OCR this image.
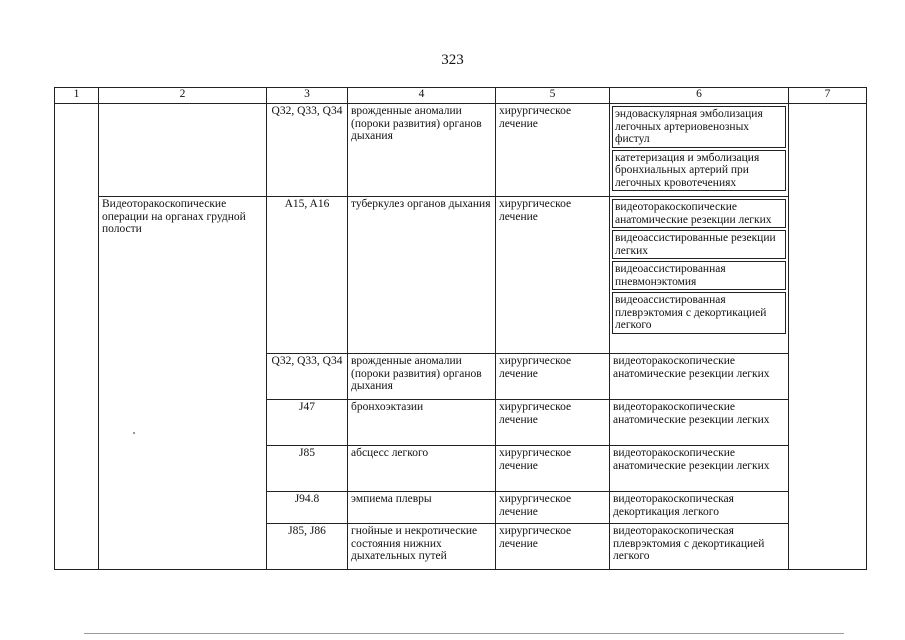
323
1	2	3	4	5	6	7
		Q32, Q33, Q34	врожденные аномалии (пороки развития) органов дыхания	хирургическое лечение	эндоваскулярная эмболизация легочных артериовенозных фистул
катетеризация и эмболизация бронхиальных артерий при легочных кровотечениях	

	Видеоторакоскопические операции на органах грудной полости	A15, A16	туберкулез органов дыхания	хирургическое лечение	видеоторакоскопические анатомические резекции легких
видеоассистированные резекции легких
видеоассистированная пневмонэктомия
видеоассистированная плеврэктомия с декортикацией легкого	

		Q32, Q33, Q34	врожденные аномалии (пороки развития) органов дыхания	хирургическое лечение	видеоторакоскопические анатомические резекции легких	
		J47	бронхоэктазии	хирургическое лечение	видеоторакоскопические анатомические резекции легких	
		J85	абсцесс легкого	хирургическое лечение	видеоторакоскопические анатомические резекции легких	
		J94.8	эмпиема плевры	хирургическое лечение	видеоторакоскопическая декортикация легкого	
		J85, J86	гнойные и некротические состояния нижних дыхательных путей	хирургическое лечение	видеоторакоскопическая плеврэктомия с декортикацией легкого	
